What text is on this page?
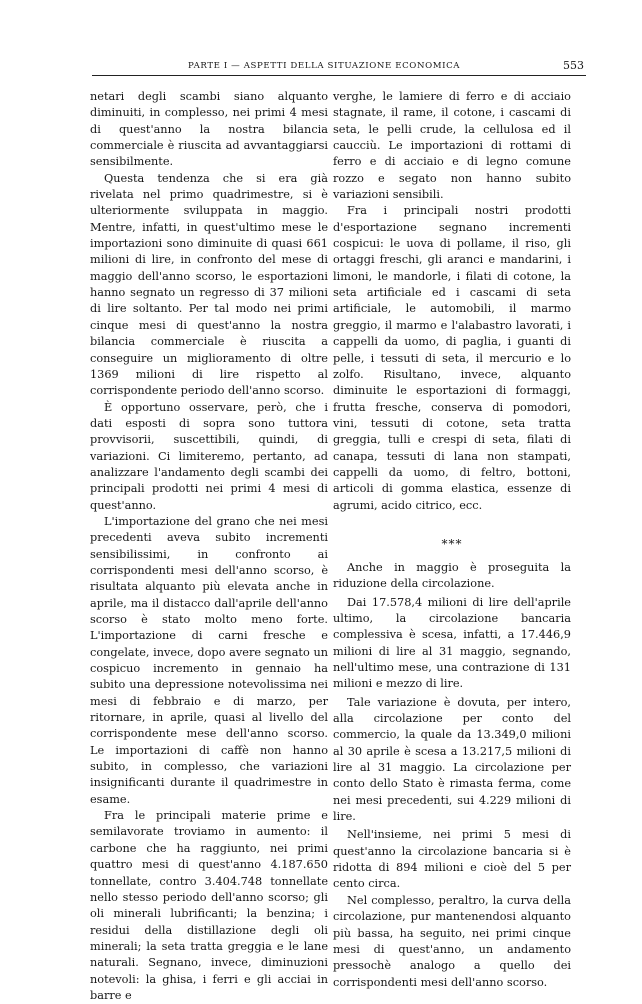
PARTE I — ASPETTI DELLA SITUAZIONE ECONOMICA	553

netari degli scambi siano alquanto diminuiti, in complesso, nei primi 4 mesi di quest'anno la nostra bilancia commerciale è riuscita ad avvantaggiarsi sensibilmente.

Questa tendenza che si era già rivelata nel primo quadrimestre, si è ulteriormente sviluppata in maggio. Mentre, infatti, in quest'ultimo mese le importazioni sono diminuite di quasi 661 milioni di lire, in confronto del mese di maggio dell'anno scorso, le esportazioni hanno segnato un regresso di 37 milioni di lire soltanto. Per tal modo nei primi cinque mesi di quest'anno la nostra bilancia commerciale è riuscita a conseguire un miglioramento di oltre 1369 milioni di lire rispetto al corrispondente periodo dell'anno scorso.

È opportuno osservare, però, che i dati esposti di sopra sono tuttora provvisorii, suscettibili, quindi, di variazioni. Ci limiteremo, pertanto, ad analizzare l'andamento degli scambi dei principali prodotti nei primi 4 mesi di quest'anno.

L'importazione del grano che nei mesi precedenti aveva subito incrementi sensibilissimi, in confronto ai corrispondenti mesi dell'anno scorso, è risultata alquanto più elevata anche in aprile, ma il distacco dall'aprile dell'anno scorso è stato molto meno forte. L'importazione di carni fresche e congelate, invece, dopo avere segnato un cospicuo incremento in gennaio ha subito una depressione notevolissima nei mesi di febbraio e di marzo, per ritornare, in aprile, quasi al livello del corrispondente mese dell'anno scorso. Le importazioni di caffè non hanno subito, in complesso, che variazioni insignificanti durante il quadrimestre in esame.

Fra le principali materie prime e semilavorate troviamo in aumento: il carbone che ha raggiunto, nei primi quattro mesi di quest'anno 4.187.650 tonnellate, contro 3.404.748 tonnellate nello stesso periodo dell'anno scorso; gli oli minerali lubrificanti; la benzina; i residui della distillazione degli oli minerali; la seta tratta greggia e le lane naturali. Segnano, invece, diminuzioni notevoli: la ghisa, i ferri e gli acciai in barre e

verghe, le lamiere di ferro e di acciaio stagnate, il rame, il cotone, i cascami di seta, le pelli crude, la cellulosa ed il caucciù. Le importazioni di rottami di ferro e di acciaio e di legno comune rozzo e segato non hanno subito variazioni sensibili.

Fra i principali nostri prodotti d'esportazione segnano incrementi cospicui: le uova di pollame, il riso, gli ortaggi freschi, gli aranci e mandarini, i limoni, le mandorle, i filati di cotone, la seta artificiale ed i cascami di seta artificiale, le automobili, il marmo greggio, il marmo e l'alabastro lavorati, i cappelli da uomo, di paglia, i guanti di pelle, i tessuti di seta, il mercurio e lo zolfo. Risultano, invece, alquanto diminuite le esportazioni di formaggi, frutta fresche, conserva di pomodori, vini, tessuti di cotone, seta tratta greggia, tulli e crespi di seta, filati di canapa, tessuti di lana non stampati, cappelli da uomo, di feltro, bottoni, articoli di gomma elastica, essenze di agrumi, acido citrico, ecc.

⁎⁎⁎

Anche in maggio è proseguita la riduzione della circolazione.

Dai 17.578,4 milioni di lire dell'aprile ultimo, la circolazione bancaria complessiva è scesa, infatti, a 17.446,9 milioni di lire al 31 maggio, segnando, nell'ultimo mese, una contrazione di 131 milioni e mezzo di lire.

Tale variazione è dovuta, per intero, alla circolazione per conto del commercio, la quale da 13.349,0 milioni al 30 aprile è scesa a 13.217,5 milioni di lire al 31 maggio. La circolazione per conto dello Stato è rimasta ferma, come nei mesi precedenti, sui 4.229 milioni di lire.

Nell'insieme, nei primi 5 mesi di quest'anno la circolazione bancaria si è ridotta di 894 milioni e cioè del 5 per cento circa.

Nel complesso, peraltro, la curva della circolazione, pur mantenendosi alquanto più bassa, ha seguito, nei primi cinque mesi di quest'anno, un andamento pressochè analogo a quello dei corrispondenti mesi dell'anno scorso.
